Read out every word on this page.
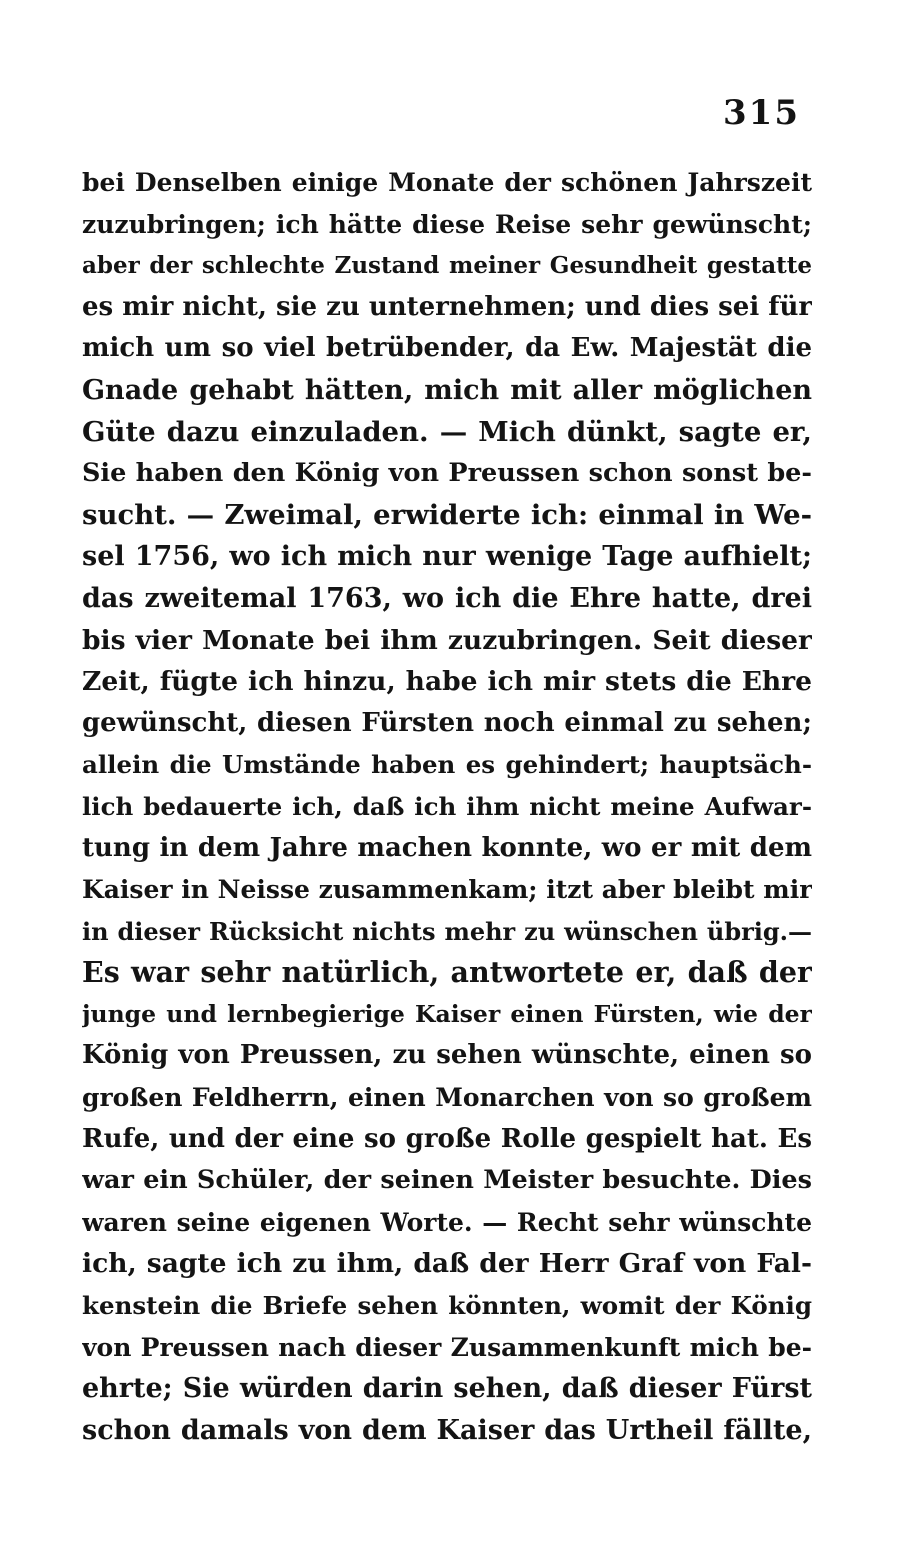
315
bei Denselben einige Monate der schönen Jahrszeit
zuzubringen; ich hätte diese Reise sehr gewünscht;
aber der schlechte Zustand meiner Gesundheit gestatte
es mir nicht, sie zu unternehmen; und dies sei für
mich um so viel betrübender, da Ew. Majestät die
Gnade gehabt hätten, mich mit aller möglichen
Güte dazu einzuladen. — Mich dünkt, sagte er,
Sie haben den König von Preussen schon sonst be-
sucht. — Zweimal, erwiderte ich: einmal in We-
sel 1756, wo ich mich nur wenige Tage aufhielt;
das zweitemal 1763, wo ich die Ehre hatte, drei
bis vier Monate bei ihm zuzubringen. Seit dieser
Zeit, fügte ich hinzu, habe ich mir stets die Ehre
gewünscht, diesen Fürsten noch einmal zu sehen;
allein die Umstände haben es gehindert; hauptsäch-
lich bedauerte ich, daß ich ihm nicht meine Aufwar-
tung in dem Jahre machen konnte, wo er mit dem
Kaiser in Neisse zusammenkam; itzt aber bleibt mir
in dieser Rücksicht nichts mehr zu wünschen übrig.—
Es war sehr natürlich, antwortete er, daß der
junge und lernbegierige Kaiser einen Fürsten, wie der
König von Preussen, zu sehen wünschte, einen so
großen Feldherrn, einen Monarchen von so großem
Rufe, und der eine so große Rolle gespielt hat. Es
war ein Schüler, der seinen Meister besuchte. Dies
waren seine eigenen Worte. — Recht sehr wünschte
ich, sagte ich zu ihm, daß der Herr Graf von Fal-
kenstein die Briefe sehen könnten, womit der König
von Preussen nach dieser Zusammenkunft mich be-
ehrte; Sie würden darin sehen, daß dieser Fürst
schon damals von dem Kaiser das Urtheil fällte,
